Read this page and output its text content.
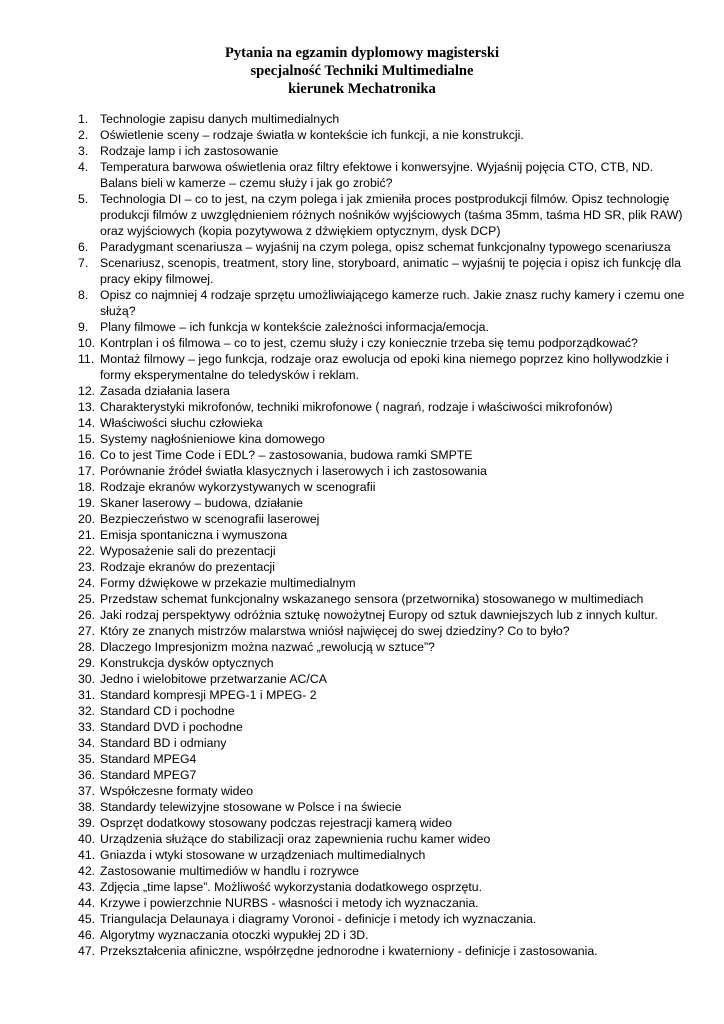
Pytania na egzamin dyplomowy magisterski
specjalność Techniki Multimedialne
kierunek Mechatronika
1. Technologie zapisu danych multimedialnych
2. Oświetlenie sceny – rodzaje światła w kontekście ich funkcji, a nie konstrukcji.
3. Rodzaje lamp i ich zastosowanie
4. Temperatura barwowa oświetlenia oraz filtry efektowe i konwersyjne. Wyjaśnij pojęcia CTO, CTB, ND.
Balans bieli w kamerze – czemu służy i jak go zrobić?
5. Technologia DI – co to jest, na czym polega i jak zmieniła proces postprodukcji filmów. Opisz technologię
produkcji filmów z uwzględnieniem różnych nośników wyjściowych (taśma 35mm, taśma HD SR, plik RAW)
oraz wyjściowych (kopia pozytywowa z dźwiękiem optycznym, dysk DCP)
6. Paradygmant scenariusza – wyjaśnij na czym polega, opisz schemat funkcjonalny typowego scenariusza
7. Scenariusz, scenopis, treatment, story line, storyboard, animatic – wyjaśnij te pojęcia i opisz ich funkcję dla
pracy ekipy filmowej.
8. Opisz co najmniej 4 rodzaje sprzętu umożliwiającego kamerze ruch. Jakie znasz ruchy kamery i czemu one
służą?
9. Plany filmowe – ich funkcja w kontekście zależności informacja/emocja.
10. Kontrplan i oś filmowa – co to jest, czemu służy i czy koniecznie trzeba się temu podporządkować?
11. Montaż filmowy – jego funkcja, rodzaje oraz ewolucja od epoki kina niemego poprzez kino hollywodzkie i
formy eksperymentalne do teledysków i reklam.
12. Zasada działania lasera
13. Charakterystyki mikrofonów, techniki mikrofonowe ( nagrań, rodzaje i właściwości mikrofonów)
14. Właściwości słuchu człowieka
15. Systemy nagłośnieniowe kina domowego
16. Co to jest Time Code i EDL? – zastosowania, budowa ramki SMPTE
17. Porównanie źródeł światła klasycznych i laserowych i ich zastosowania
18. Rodzaje ekranów wykorzystywanych w scenografii
19. Skaner laserowy – budowa, działanie
20. Bezpieczeństwo w scenografii laserowej
21. Emisja spontaniczna i wymuszona
22. Wyposażenie sali do prezentacji
23. Rodzaje ekranów do prezentacji
24. Formy dźwiękowe w przekazie multimedialnym
25. Przedstaw schemat funkcjonalny wskazanego sensora (przetwornika) stosowanego w multimediach
26. Jaki rodzaj perspektywy odróżnia sztukę nowożytnej Europy od sztuk dawniejszych lub z innych kultur.
27. Który ze znanych mistrzów malarstwa wniósł najwięcej do swej dziedziny? Co to było?
28. Dlaczego Impresjonizm można nazwać „rewolucją w sztuce”?
29. Konstrukcja dysków optycznych
30. Jedno i wielobitowe przetwarzanie AC/CA
31. Standard kompresji MPEG-1 i MPEG- 2
32. Standard CD i pochodne
33. Standard DVD i pochodne
34. Standard BD i odmiany
35. Standard MPEG4
36. Standard MPEG7
37. Współczesne formaty wideo
38. Standardy telewizyjne stosowane w Polsce i na świecie
39. Osprzęt dodatkowy stosowany podczas rejestracji kamerą wideo
40. Urządzenia służące do stabilizacji oraz zapewnienia ruchu kamer wideo
41. Gniazda i wtyki stosowane w urządzeniach multimedialnych
42. Zastosowanie multimediów w handlu i rozrywce
43. Zdjęcia „time lapse”. Możliwość wykorzystania dodatkowego osprzętu.
44. Krzywe i powierzchnie NURBS - własności i metody ich wyznaczania.
45. Triangulacja Delaunaya i diagramy Voronoi - definicje i metody ich wyznaczania.
46. Algorytmy wyznaczania otoczki wypukłej 2D i 3D.
47. Przekształcenia afiniczne, współrzędne jednorodne i kwaterniony - definicje i zastosowania.
